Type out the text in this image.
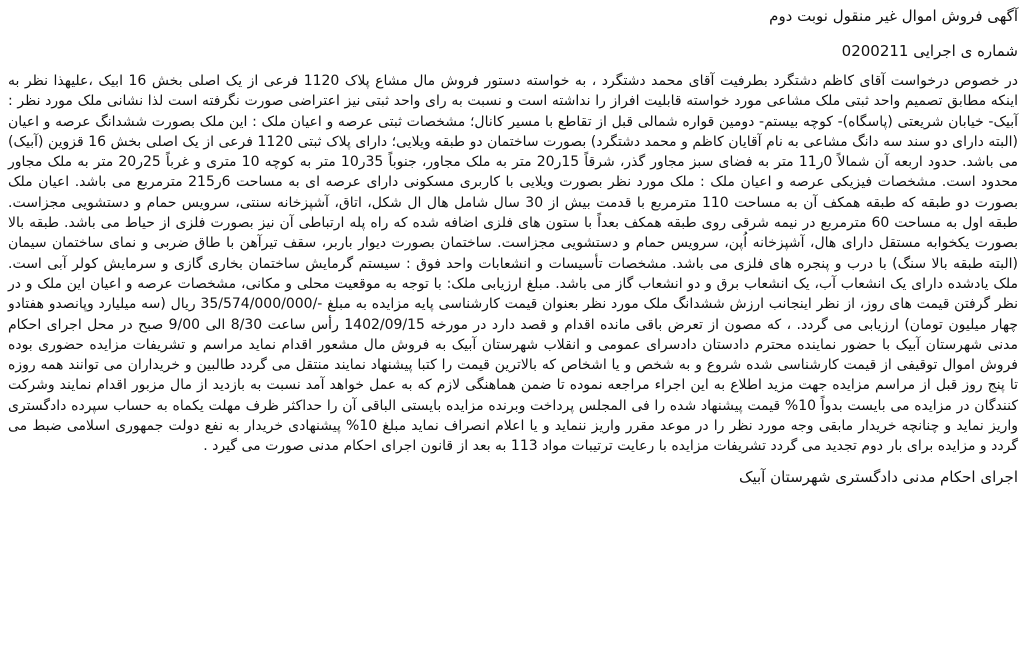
آگهی فروش اموال غیر منقول نوبت دوم

شماره ی اجرایی 0200211

در خصوص درخواست آقای کاظم دشتگرد بطرفیت آقای محمد دشتگرد ، به خواسته دستور فروش مال مشاع پلاک 1120 فرعی از یک اصلی بخش 16 ابیک ،علیهذا نظر به اینکه مطابق تصمیم واحد ثبتی ملک مشاعی مورد خواسته قابلیت افراز را نداشته است و نسبت به رای واحد ثبتی نیز اعتراضی صورت نگرفته است لذا نشانی ملک مورد نظر : آبیک- خیابان شریعتی (پاسگاه)- کوچه بیستم- دومین قواره شمالی قبل از تقاطع با مسیر کانال؛ مشخصات ثبتی عرصه و اعیان ملک : این ملک بصورت ششدانگ عرصه و اعیان (البته دارای دو سند سه دانگ مشاعی به نام آقایان کاظم و محمد دشتگرد) بصورت ساختمان دو طبقه ویلایی؛ دارای پلاک ثبتی 1120 فرعی از یک اصلی بخش 16 قزوین (آبیک) می باشد. حدود اربعه آن شمالاً 0ر11 متر به فضای سبز مجاور گذر، شرقاً 15ر20 متر به ملک مجاور، جنوباً 35ر10 متر به کوچه 10 متری و غرباً 25ر20 متر به ملک مجاور محدود است. مشخصات فیزیکی عرصه و اعیان ملک : ملک مورد نظر بصورت ویلایی با کاربری مسکونی دارای عرصه ای به مساحت 6ر215 مترمربع می باشد. اعیان ملک بصورت دو طبقه که طبقه همکف آن به مساحت 110 مترمربع با قدمت بیش از 30 سال شامل هال ال شکل، اتاق، آشپزخانه سنتی، سرویس حمام و دستشویی مجزاست. طبقه اول به مساحت 60 مترمربع در نیمه شرقی روی طبقه همکف بعداً با ستون های فلزی اضافه شده که راه پله ارتباطی آن نیز بصورت فلزی از حیاط می باشد. طبقه بالا بصورت یکخوابه مستقل دارای هال، آشپزخانه اُپن، سرویس حمام و دستشویی مجزاست. ساختمان بصورت دیوار باربر، سقف تیرآهن با طاق ضربی و نمای ساختمان سیمان (البته طبقه بالا سنگ) با درب و پنجره های فلزی می باشد. مشخصات تأسیسات و انشعابات واحد فوق : سیستم گرمایش ساختمان بخاری گازی و سرمایش کولر آبی است. ملک یادشده دارای یک انشعاب آب، یک انشعاب برق و دو انشعاب گاز می باشد. مبلغ ارزیابی ملک: با توجه به موقعیت محلی و مکانی، مشخصات عرصه و اعیان این ملک و در نظر گرفتن قیمت های روز، از نظر اینجانب ارزش ششدانگ ملک مورد نظر بعنوان قیمت کارشناسی پایه مزایده به مبلغ -/35/574/000/000 ریال (سه میلیارد وپانصدو هفتادو چهار میلیون تومان) ارزیابی می گردد. ، که مصون از تعرض باقی مانده اقدام و قصد دارد در مورخه 1402/09/15 رأس ساعت 8/30 الی 9/00 صبح در محل اجرای احکام مدنی شهرستان آبیک با حضور نماینده محترم دادستان دادسرای عمومی و انقلاب شهرستان آبیک به فروش مال مشعور اقدام نماید مراسم و تشریفات مزایده حضوری بوده فروش اموال توقیفی از قیمت کارشناسی شده شروع و به شخص و یا اشخاص که بالاترین قیمت را کتبا پیشنهاد نمایند منتقل می گردد طالبین و خریداران می توانند همه روزه تا پنج روز قبل از مراسم مزایده جهت مزید اطلاع به این اجراء مراجعه نموده تا ضمن هماهنگی لازم که به عمل خواهد آمد نسبت به بازدید از مال مزبور اقدام نمایند وشرکت کنندگان در مزایده می بایست بدواً 10% قیمت پیشنهاد شده را فی المجلس پرداخت وبرنده مزایده بایستی الباقی آن را حداکثر ظرف مهلت یکماه به حساب سپرده دادگستری واریز نماید و چنانچه خریدار مابقی وجه مورد نظر را در موعد مقرر واریز ننماید و یا اعلام انصراف نماید مبلغ 10% پیشنهادی خریدار به نفع دولت جمهوری اسلامی ضبط می گردد و مزایده برای بار دوم تجدید می گردد تشریفات مزایده با رعایت ترتیبات مواد 113 به بعد از قانون اجرای احکام مدنی صورت می گیرد .

اجرای احکام مدنی دادگستری شهرستان آبیک
